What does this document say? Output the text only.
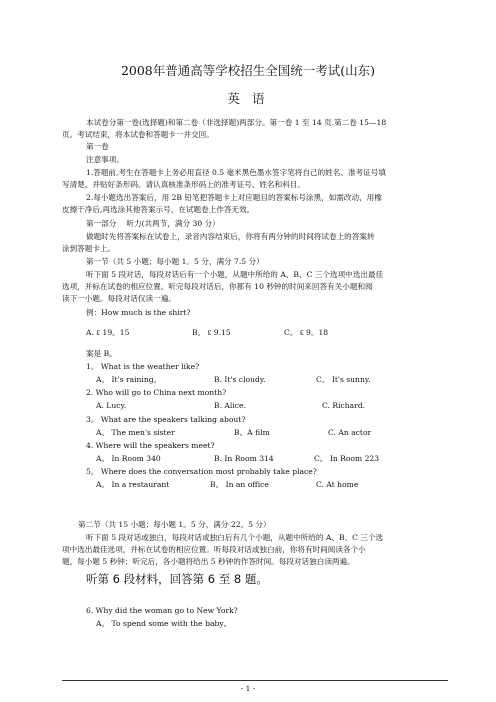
2008年普通高等学校招生全国统一考试(山东)
英 语
本试卷分第一卷(选择题)和第二卷（非选择题)两部分。第一卷 1 至 14 页.第二卷 15—18
页。考试结束，将本试卷和答题卡一并交回。
第一卷
注意事项。
1.答题前,考生在答题卡上务必用直径 0.5 毫米黑色墨水签字笔将自己的姓名、准考证号填
写清楚，并贴好条形码。请认真核准条形码上的准考证号、姓名和科目。
2.每小题选出答案后，用 2B 铅笔把答题卡上对应题目的答案标号涂黑，如需改动，用橡
皮擦干净后,再选涂其他答案示号，在试题卷上作答无效。
第一部分　 听力(共两节，满分 30 分）
做题时先将答案标在试卷上，录音内容结束后，你将有两分钟的时间将试卷上的答案转
涂到答题卡上。
第一节（共 5 小题；每小题 1。5 分，满分 7.5 分）
听下面 5 段对话，每段对话后有一个小题，从题中所给的 A、B、C 三个选项中选出最佳
选项，并标在试卷的相应位置。听完每段对话后，你都有 10 秒钟的时间来回答有关小题和阅
读下一小题。每段对话仅读一遍。
例：How much is the shirt?
A. ₤ 19。15	B。 ₤ 9.15	C。 ₤ 9。18
案是 B。
1。 What is the weather like?
A。 It's raining。	B. It's cloudy.	C。 It's sunny.
2. Who will go to China next month?
A. Lucy.	B. Alice.	C. Richard.
3。 What are the speakers talking about?
A。 The men's sister	B。A film	C. An actor
4. Where will the speakers meet?
A。 In Room 340	B. In Room 314	C。 In Room 223
5。 Where does the conversation most probably take place?
A。 In a restaurant	B。 In an office	C. At home
第二节（共 15 小题；每小题 1。5 分，满分 22。5 分）
听下面 5 段对话或独白，每段对话或独白后有几个小题，从题中所给的 A、B、C 三个选
项中选出最佳选项，并标在试卷的相应位置。听每段对话或独白前，你将有时间阅读各个小
题，每小题 5 秒钟；听完后，各小题将给出 5 秒钟的作答时间。每段对话独白读两遍。
听第 6 段材料，回答第 6 至 8 题。
6. Why did the woman go to New York?
A。 To spend some with the baby。
- 1 -
